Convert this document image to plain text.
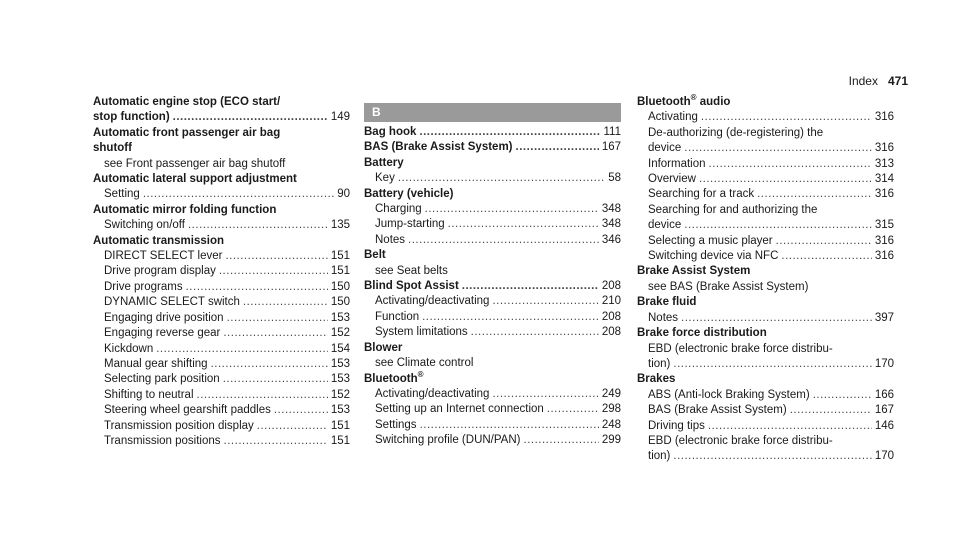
Index 471
Automatic engine stop (ECO start/
stop function) .....	149
Automatic front passenger air bag
shutoff
see Front passenger air bag shutoff
Automatic lateral support adjustment
Setting .....	90
Automatic mirror folding function
Switching on/off .....	135
Automatic transmission
DIRECT SELECT lever .....	151
Drive program display .....	151
Drive programs .....	150
DYNAMIC SELECT switch .....	150
Engaging drive position .....	153
Engaging reverse gear .....	152
Kickdown .....	154
Manual gear shifting .....	153
Selecting park position .....	153
Shifting to neutral .....	152
Steering wheel gearshift paddles .....	153
Transmission position display .....	151
Transmission positions .....	151
B
Bag hook .....	111
BAS (Brake Assist System) .....	167
Battery
Key .....	58
Battery (vehicle)
Charging .....	348
Jump-starting .....	348
Notes .....	346
Belt
see Seat belts
Blind Spot Assist .....	208
Activating/deactivating .....	210
Function .....	208
System limitations .....	208
Blower
see Climate control
Bluetooth®
Activating/deactivating .....	249
Setting up an Internet connection .....	298
Settings .....	248
Switching profile (DUN/PAN) .....	299
Bluetooth® audio
Activating .....	316
De-authorizing (de-registering) the
device .....	316
Information .....	313
Overview .....	314
Searching for a track .....	316
Searching for and authorizing the
device .....	315
Selecting a music player .....	316
Switching device via NFC .....	316
Brake Assist System
see BAS (Brake Assist System)
Brake fluid
Notes .....	397
Brake force distribution
EBD (electronic brake force distribu-
tion) .....	170
Brakes
ABS (Anti-lock Braking System) .....	166
BAS (Brake Assist System) .....	167
Driving tips .....	146
EBD (electronic brake force distribu-
tion) .....	170
